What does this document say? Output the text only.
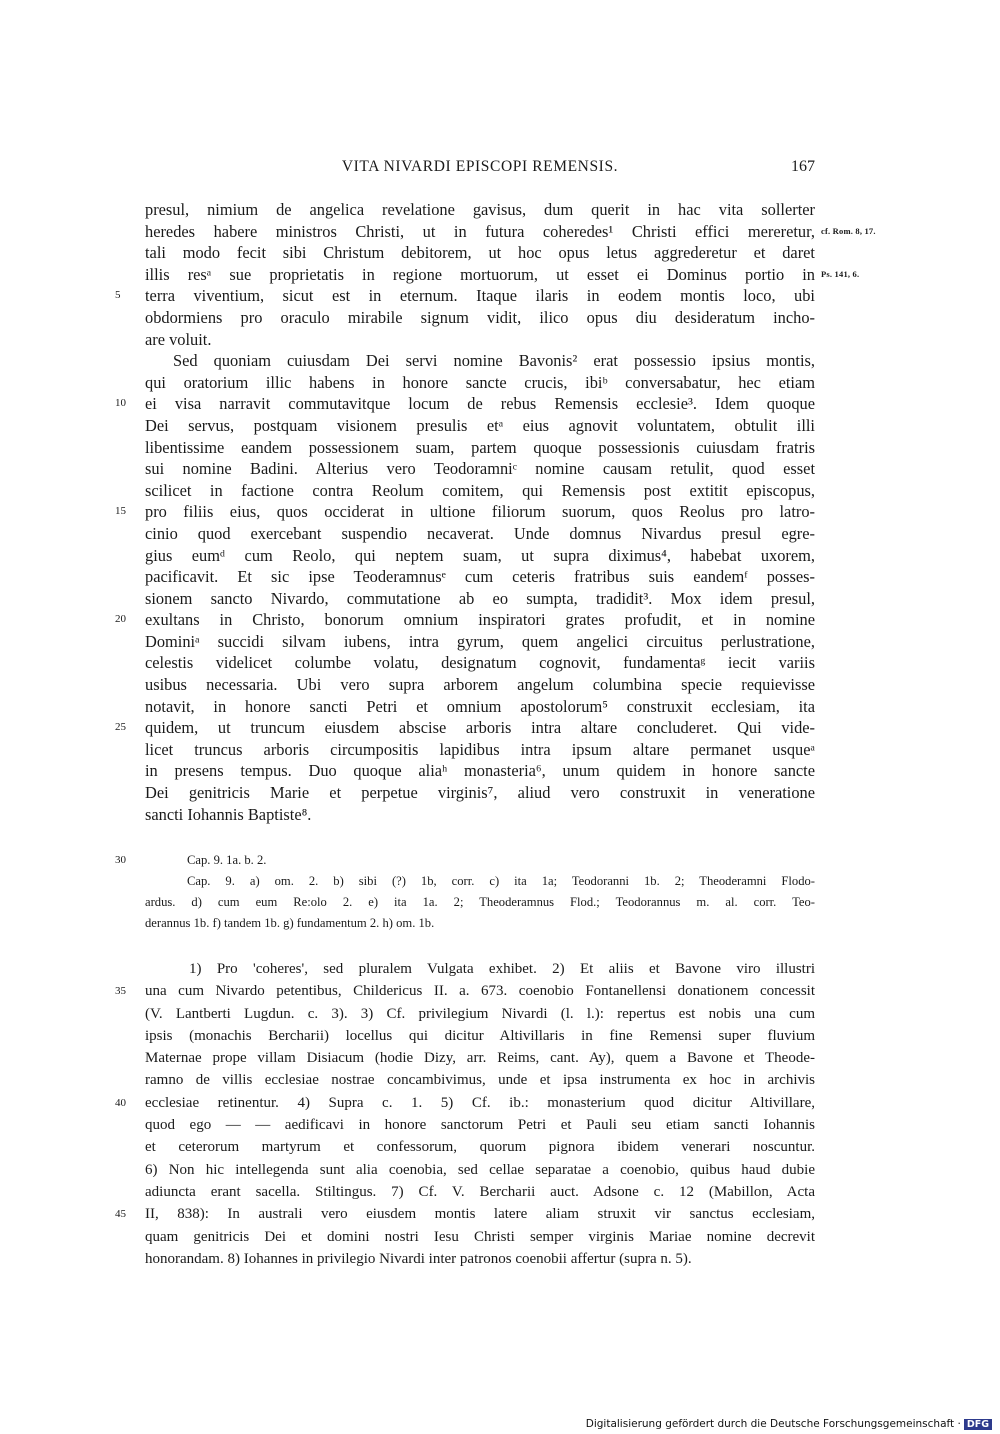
VITA NIVARDI EPISCOPI REMENSIS.	167
presul, nimium de angelica revelatione gavisus, dum querit in hac vita sollerter
heredes habere ministros Christi, ut in futura coheredes¹ Christi effici mereretur, cf. Rom. 8, 17.
tali modo fecit sibi Christum debitorem, ut hoc opus letus aggrederetur et daret
illis resᵃ sue proprietatis in regione mortuorum, ut esset ei Dominus portio in Ps. 141, 6.
terra viventium, sicut est in eternum. Itaque ilaris in eodem montis loco, ubi
5
obdormiens pro oraculo mirabile signum vidit, ilico opus diu desideratum incho-
are voluit.
Sed quoniam cuiusdam Dei servi nomine Bavonis² erat possessio ipsius montis,
qui oratorium illic habens in honore sancte crucis, ibiᵇ conversabatur, hec etiam
ei visa narravit commutavitque locum de rebus Remensis ecclesie³. Idem quoque
10
Dei servus, postquam visionem presulis etᵃ eius agnovit voluntatem, obtulit illi
libentissime eandem possessionem suam, partem quoque possessionis cuiusdam fratris
sui nomine Badini. Alterius vero Teodoramniᶜ nomine causam retulit, quod esset
scilicet in factione contra Reolum comitem, qui Remensis post extitit episcopus,
pro filiis eius, quos occiderat in ultione filiorum suorum, quos Reolus pro latro-
15
cinio quod exercebant suspendio necaverat. Unde domnus Nivardus presul egre-
gius eumᵈ cum Reolo, qui neptem suam, ut supra diximus⁴, habebat uxorem,
pacificavit. Et sic ipse Teoderamnusᵉ cum ceteris fratribus suis eandemᶠ posses-
sionem sancto Nivardo, commutatione ab eo sumpta, tradidit³. Mox idem presul,
exultans in Christo, bonorum omnium inspiratori grates profudit, et in nomine
20
Dominiᵃ succidi silvam iubens, intra gyrum, quem angelici circuitus perlustratione,
celestis videlicet columbe volatu, designatum cognovit, fundamentaᵍ iecit variis
usibus necessaria. Ubi vero supra arborem angelum columbina specie requievisse
notavit, in honore sancti Petri et omnium apostolorum⁵ construxit ecclesiam, ita
quidem, ut truncum eiusdem abscise arboris intra altare concluderet. Qui vide-
25
licet truncus arboris circumpositis lapidibus intra ipsum altare permanet usqueᵃ
in presens tempus. Duo quoque aliaʰ monasteria⁶, unum quidem in honore sancte
Dei genitricis Marie et perpetue virginis⁷, aliud vero construxit in veneratione
sancti Iohannis Baptiste⁸.
Cap. 9. 1a. b. 2.
30
Cap. 9. a) om. 2. b) sibi (?) 1b, corr. c) ita 1a; Teodoranni 1b. 2; Theoderamni Flodo-
ardus. d) cum eum Re:olo 2. e) ita 1a. 2; Theoderamnus Flod.; Teodorannus m. al. corr. Teo-
derannus 1b. f) tandem 1b. g) fundamentum 2. h) om. 1b.
1) Pro 'coheres', sed pluralem Vulgata exhibet. 2) Et aliis et Bavone viro illustri
una cum Nivardo petentibus, Childericus II. a. 673. coenobio Fontanellensi donationem concessit
35
(V. Lantberti Lugdun. c. 3). 3) Cf. privilegium Nivardi (l. l.): repertus est nobis una cum
ipsis (monachis Bercharii) locellus qui dicitur Altivillaris in fine Remensi super fluvium
Maternae prope villam Disiacum (hodie Dizy, arr. Reims, cant. Ay), quem a Bavone et Theode-
ramno de villis ecclesiae nostrae concambivimus, unde et ipsa instrumenta ex hoc in archivis
ecclesiae retinentur. 4) Supra c. 1. 5) Cf. ib.: monasterium quod dicitur Altivillare,
40
quod ego — — aedificavi in honore sanctorum Petri et Pauli seu etiam sancti Iohannis
et ceterorum martyrum et confessorum, quorum pignora ibidem venerari noscuntur.
6) Non hic intellegenda sunt alia coenobia, sed cellae separatae a coenobio, quibus haud dubie
adiuncta erant sacella. Stiltingus. 7) Cf. V. Bercharii auct. Adsone c. 12 (Mabillon, Acta
II, 838): In australi vero eiusdem montis latere aliam struxit vir sanctus ecclesiam,
45
quam genitricis Dei et domini nostri Iesu Christi semper virginis Mariae nomine decrevit
honorandam. 8) Iohannes in privilegio Nivardi inter patronos coenobii affertur (supra n. 5).
Digitalisierung gefördert durch die Deutsche Forschungsgemeinschaft · DFG
